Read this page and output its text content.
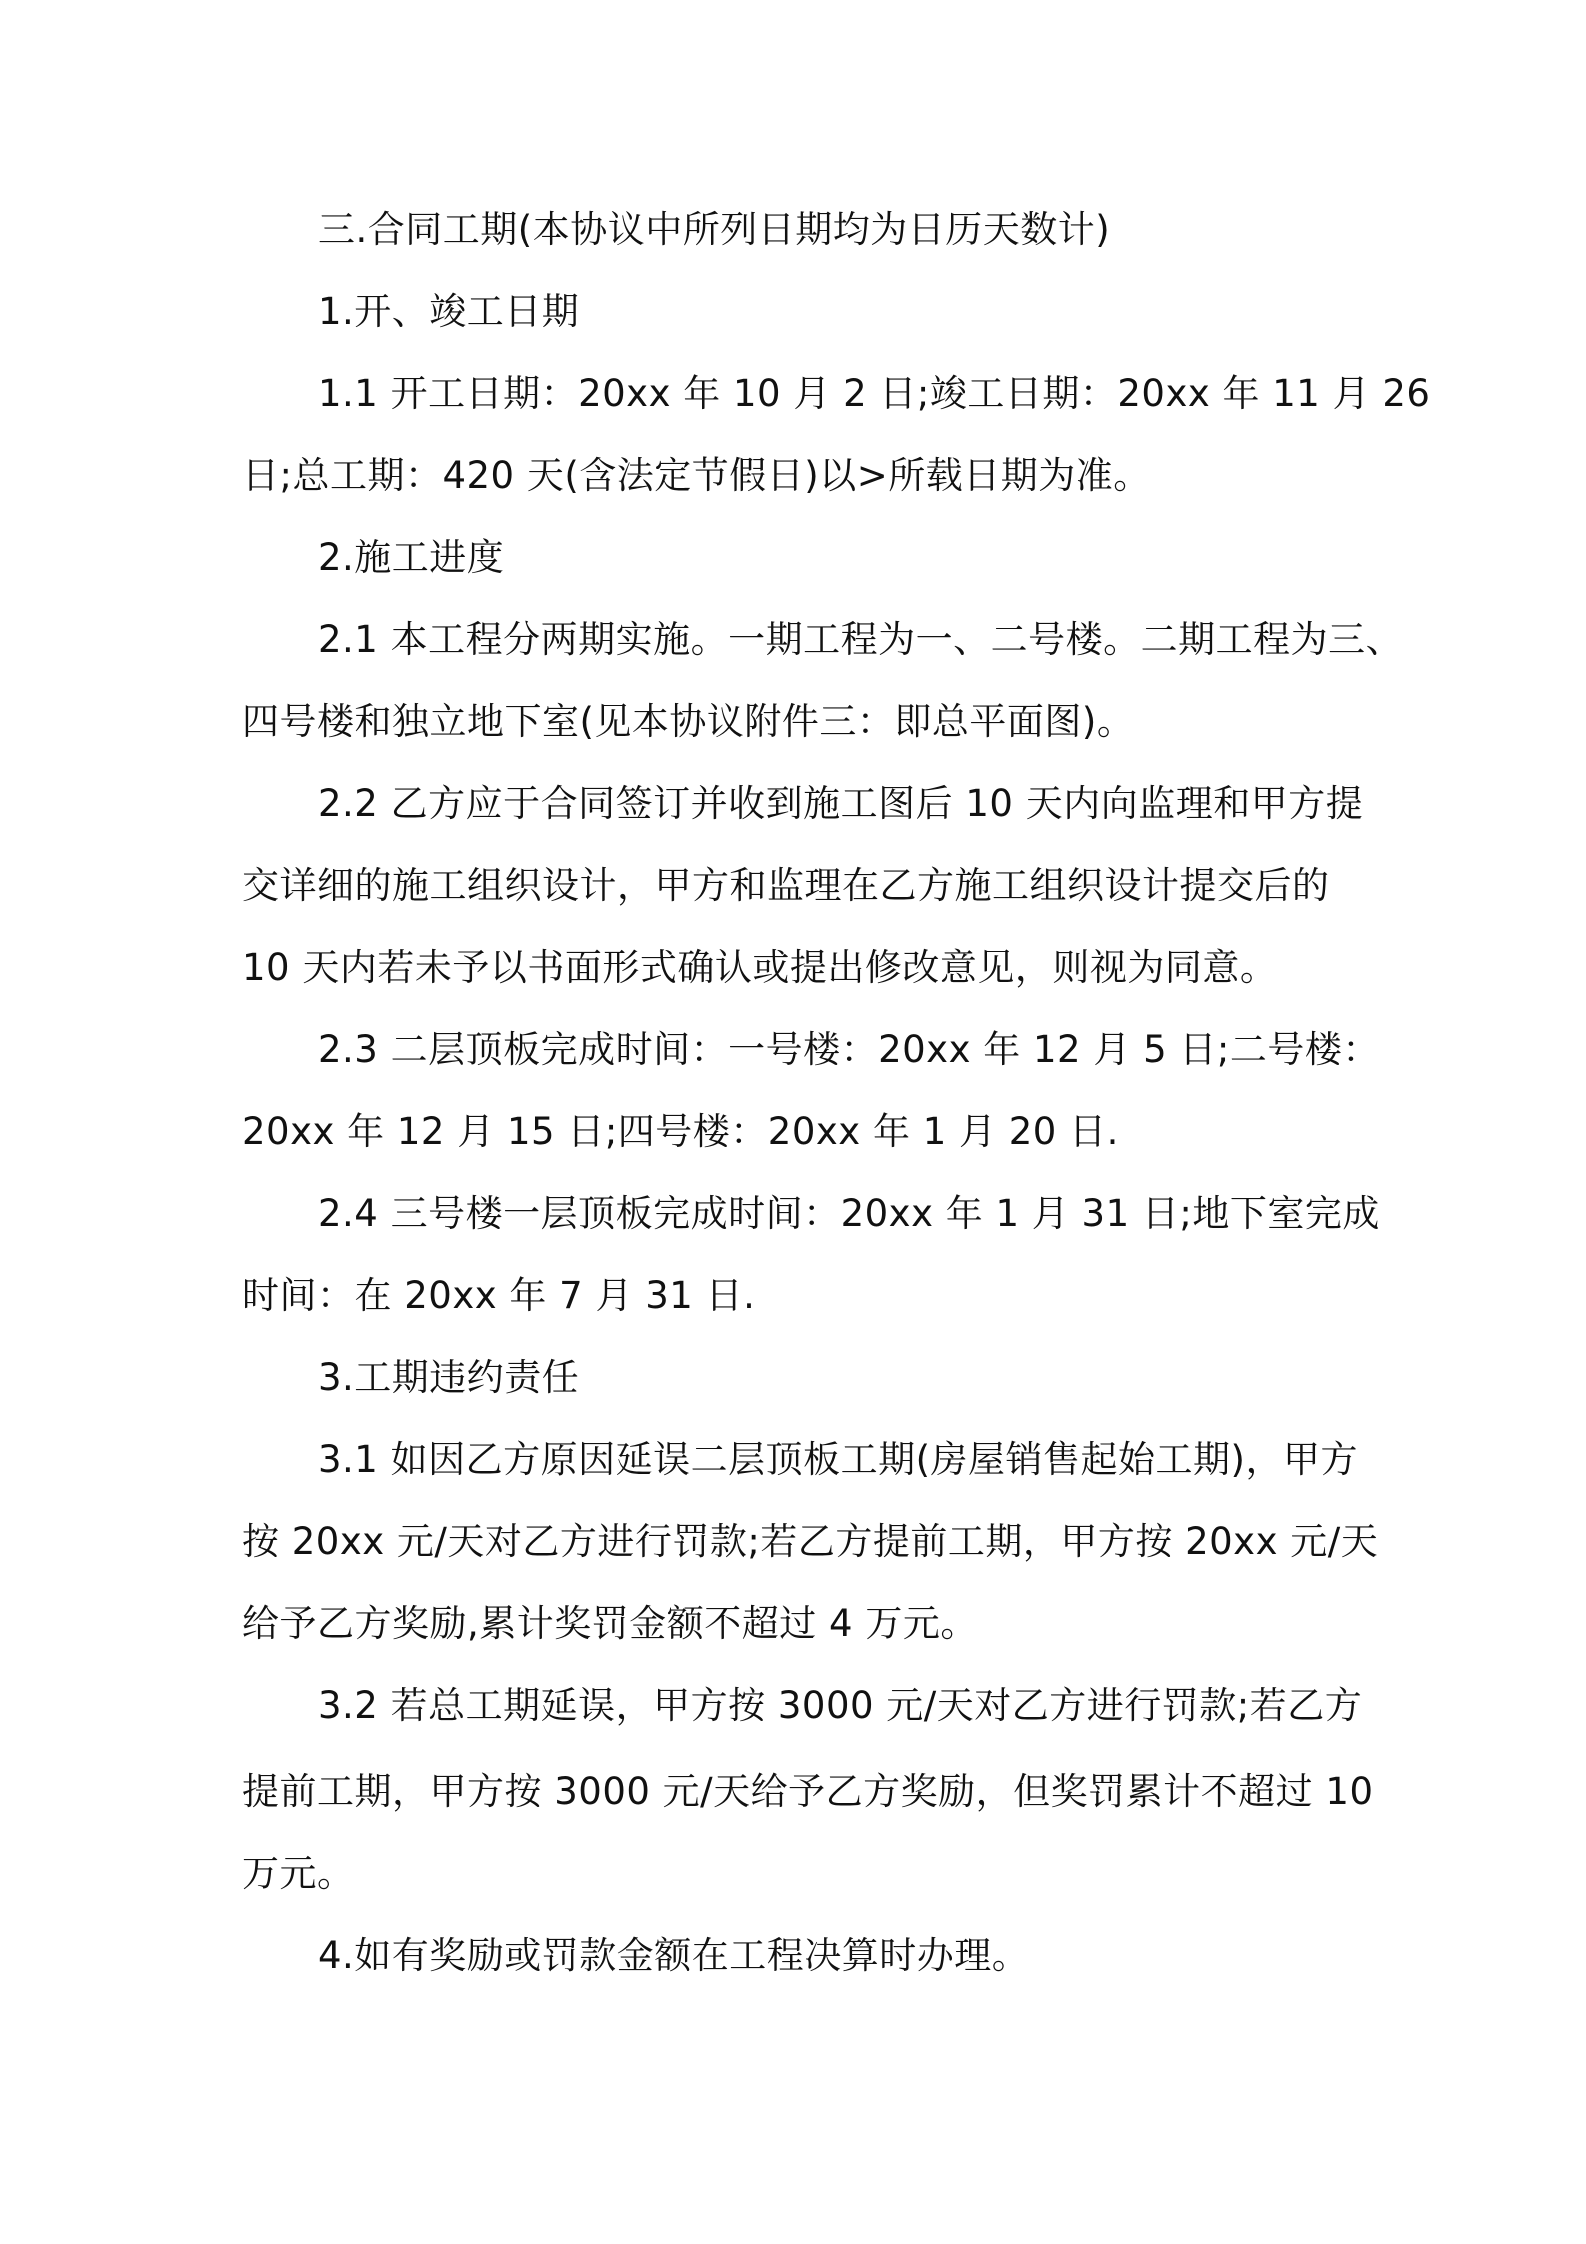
三.合同工期(本协议中所列日期均为日历天数计)
1.开、竣工日期
1.1 开工日期：20xx 年 10 月 2 日;竣工日期：20xx 年 11 月 26
日;总工期：420 天(含法定节假日)以>所载日期为准。
2.施工进度
2.1 本工程分两期实施。一期工程为一、二号楼。二期工程为三、
四号楼和独立地下室(见本协议附件三：即总平面图)。
2.2 乙方应于合同签订并收到施工图后 10 天内向监理和甲方提
交详细的施工组织设计，甲方和监理在乙方施工组织设计提交后的
10 天内若未予以书面形式确认或提出修改意见，则视为同意。
2.3 二层顶板完成时间：一号楼：20xx 年 12 月 5 日;二号楼：
20xx 年 12 月 15 日;四号楼：20xx 年 1 月 20 日.
2.4 三号楼一层顶板完成时间：20xx 年 1 月 31 日;地下室完成
时间：在 20xx 年 7 月 31 日.
3.工期违约责任
3.1 如因乙方原因延误二层顶板工期(房屋销售起始工期)，甲方
按 20xx 元/天对乙方进行罚款;若乙方提前工期，甲方按 20xx 元/天
给予乙方奖励,累计奖罚金额不超过 4 万元。
3.2 若总工期延误，甲方按 3000 元/天对乙方进行罚款;若乙方
提前工期，甲方按 3000 元/天给予乙方奖励，但奖罚累计不超过 10
万元。
4.如有奖励或罚款金额在工程决算时办理。
